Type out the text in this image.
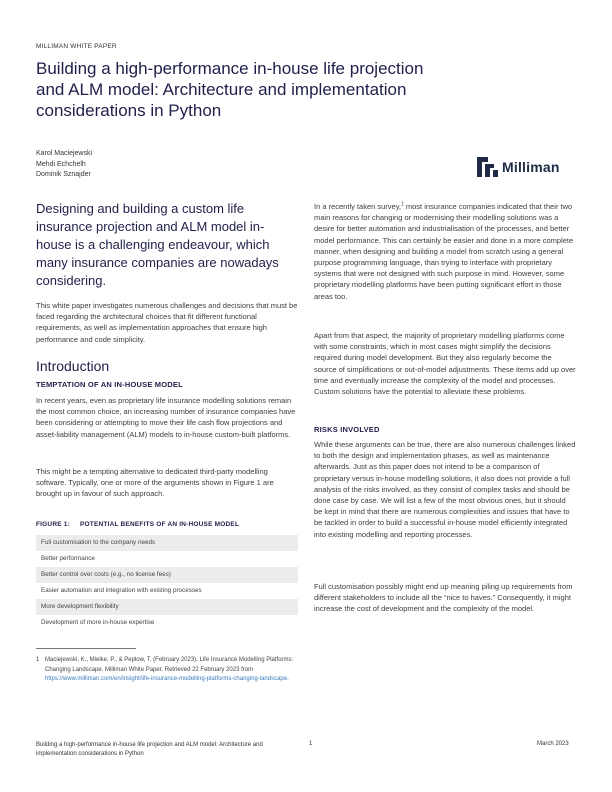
MILLIMAN WHITE PAPER
Building a high-performance in-house life projection and ALM model: Architecture and implementation considerations in Python
Karol Maciejewski
Mehdi Echchelh
Dominik Sznajder	Milliman

Designing and building a custom life insurance projection and ALM model in-house is a challenging endeavour, which many insurance companies are nowadays considering.

This white paper investigates numerous challenges and decisions that must be faced regarding the architectural choices that fit different functional requirements, as well as implementation approaches that ensure high performance and code simplicity.

Introduction
TEMPTATION OF AN IN-HOUSE MODEL

In recent years, even as proprietary life insurance modelling solutions remain the most common choice, an increasing number of insurance companies have been considering or attempting to move their life cash flow projections and asset-liability management (ALM) models to in-house custom-built platforms.

This might be a tempting alternative to dedicated third-party modelling software. Typically, one or more of the arguments shown in Figure 1 are brought up in favour of such approach.

FIGURE 1: POTENTIAL BENEFITS OF AN IN-HOUSE MODEL
Full customisation to the company needs
Better performance
Better control over costs (e.g., no license fees)
Easier automation and integration with existing processes
More development flexibility
Development of more in-house expertise
1 Maciejewski, K., Mielke, P., & Peplow, T. (February 2023). Life Insurance Modelling Platforms: Changing Landscape. Milliman White Paper. Retrieved 22 February 2023 from https://www.milliman.com/en/insight/life-insurance-modelling-platforms-changing-landscape.

In a recently taken survey,$^1$ most insurance companies indicated that their two main reasons for changing or modernising their modelling solutions was a desire for better automation and industrialisation of the processes, and better model performance. This can certainly be easier and done in a more complete manner, when designing and building a model from scratch using a general purpose programming language, than trying to interface with proprietary systems that were not designed with such purpose in mind. However, some proprietary modelling platforms have been putting significant effort in those areas too.

Apart from that aspect, the majority of proprietary modelling platforms come with some constraints, which in most cases might simplify the decisions required during model development. But they also regularly become the source of simplifications or out-of-model adjustments. These items add up over time and eventually increase the complexity of the model and processes. Custom solutions have the potential to alleviate these problems.

RISKS INVOLVED

While these arguments can be true, there are also numerous challenges linked to both the design and implementation phases, as well as maintenance afterwards. Just as this paper does not intend to be a comparison of proprietary versus in-house modelling solutions, it also does not provide a full analysis of the risks involved, as they consist of complex tasks and should be done case by case. We will list a few of the most obvious ones, but it should be kept in mind that there are numerous complexities and issues that have to be tackled in order to build a successful in-house model efficiently integrated into existing modelling and reporting processes.

Full customisation possibly might end up meaning piling up requirements from different stakeholders to include all the “nice to haves.” Consequently, it might increase the cost of development and the complexity of the model.

Building a high-performance in-house life projection and ALM model: Architecture and implementation considerations in Python
1	March 2023
